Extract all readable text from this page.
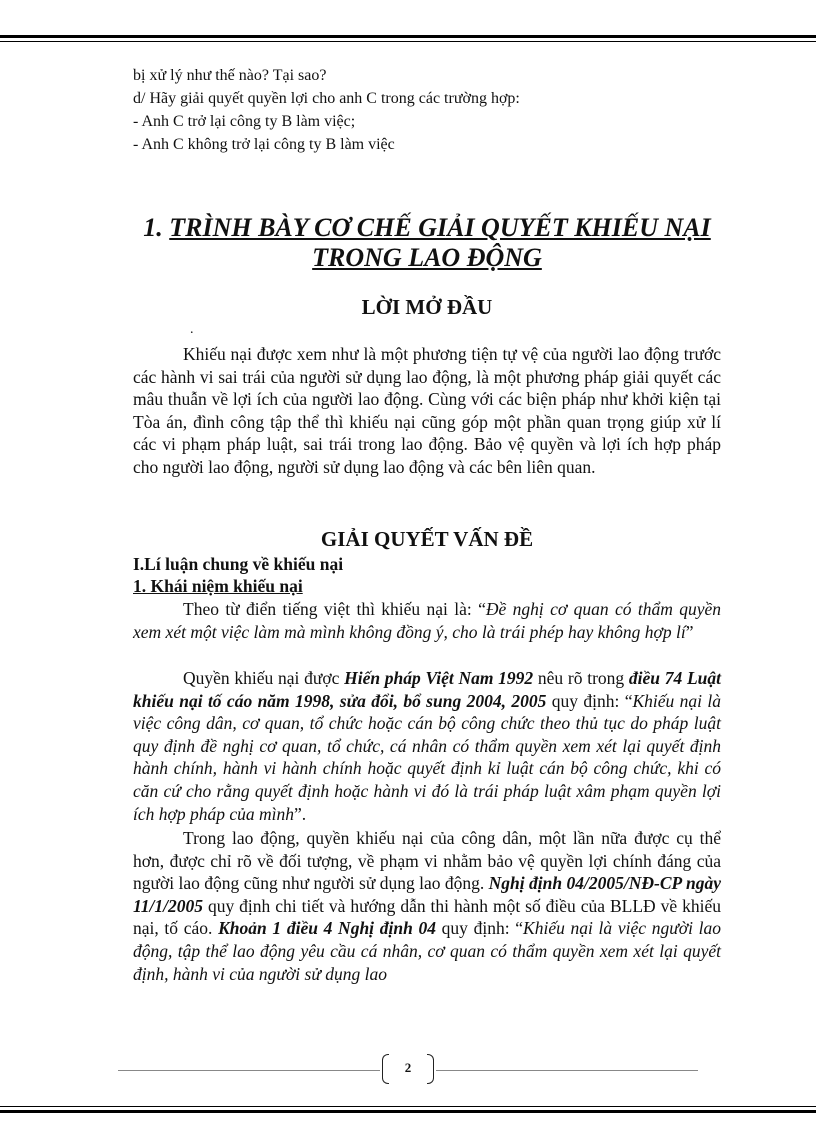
bị xử lý như thế nào? Tại sao?

d/ Hãy giải quyết quyền lợi cho anh C trong các trường hợp:

- Anh C trở lại công ty B làm việc;

- Anh C không trở lại công ty B làm việc

1. TRÌNH BÀY CƠ CHẾ GIẢI QUYẾT KHIẾU NẠI
TRONG LAO ĐỘNG
LỜI MỞ ĐẦU
.
Khiếu nại được xem như là một phương tiện tự vệ của người lao động trước các hành vi sai trái của người sử dụng lao động, là một phương pháp giải quyết các mâu thuẫn về lợi ích của người lao động. Cùng với các biện pháp như khởi kiện tại Tòa án, đình công tập thể thì khiếu nại cũng góp một phần quan trọng giúp xử lí các vi phạm pháp luật, sai trái trong lao động. Bảo vệ quyền và lợi ích hợp pháp cho người lao động, người sử dụng lao động và các bên liên quan.
GIẢI QUYẾT VẤN ĐỀ
I.Lí luận chung về khiếu nại
1. Khái niệm khiếu nại
Theo từ điển tiếng việt thì khiếu nại là: “Đề nghị cơ quan có thẩm quyền xem xét một việc làm mà mình không đồng ý, cho là trái phép hay không hợp lí”
Quyền khiếu nại được Hiến pháp Việt Nam 1992 nêu rõ trong điều 74 Luật khiếu nại tố cáo năm 1998, sửa đổi, bổ sung 2004, 2005 quy định: “Khiếu nại là việc công dân, cơ quan, tổ chức hoặc cán bộ công chức theo thủ tục do pháp luật quy định đề nghị cơ quan, tổ chức, cá nhân có thẩm quyền xem xét lại quyết định hành chính, hành vi hành chính hoặc quyết định kỉ luật cán bộ công chức, khi có căn cứ cho rằng quyết định hoặc hành vi đó là trái pháp luật xâm phạm quyền lợi ích hợp pháp của mình”.
Trong lao động, quyền khiếu nại của công dân, một lần nữa được cụ thể hơn, được chỉ rõ về đối tượng, về phạm vi nhằm bảo vệ quyền lợi chính đáng của người lao động cũng như người sử dụng lao động. Nghị định 04/2005/NĐ-CP ngày 11/1/2005 quy định chi tiết và hướng dẫn thi hành một số điều của BLLĐ về khiếu nại, tố cáo. Khoản 1 điều 4 Nghị định 04 quy định: “Khiếu nại là việc người lao động, tập thể lao động yêu cầu cá nhân, cơ quan có thẩm quyền xem xét lại quyết định, hành vi của người sử dụng lao
2
